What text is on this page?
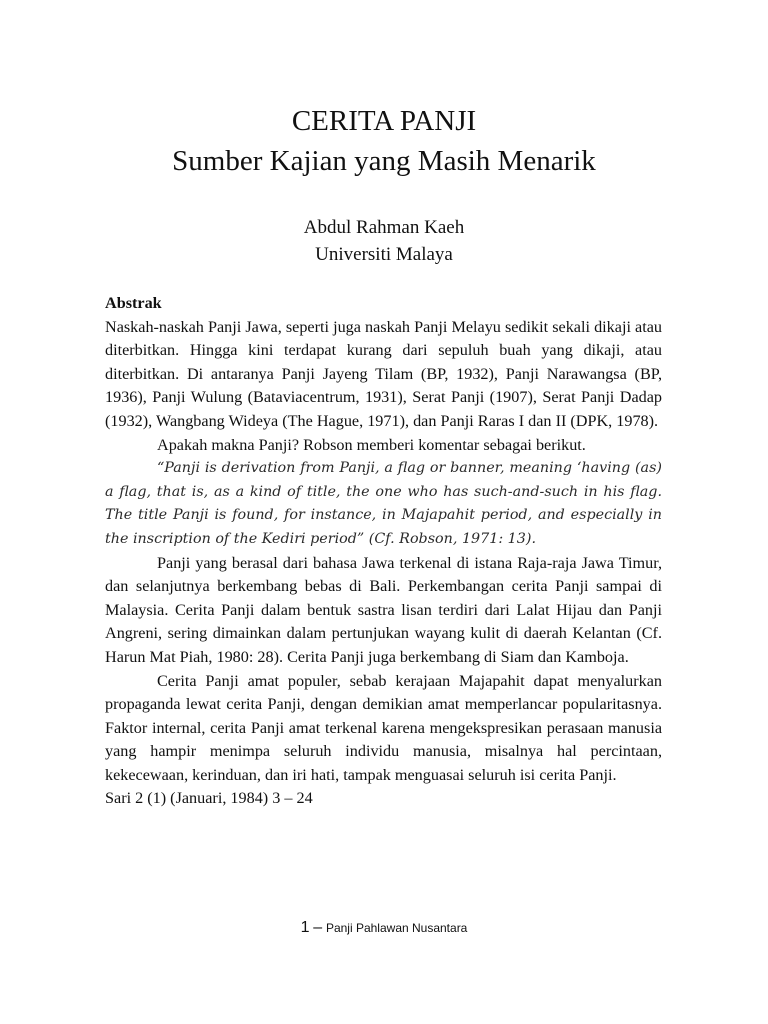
CERITA PANJI
Sumber Kajian yang Masih Menarik
Abdul Rahman Kaeh
Universiti Malaya

Abstrak

Naskah-naskah Panji Jawa, seperti juga naskah Panji Melayu sedikit sekali dikaji atau diterbitkan. Hingga kini terdapat kurang dari sepuluh buah yang dikaji, atau diterbitkan. Di antaranya Panji Jayeng Tilam (BP, 1932), Panji Narawangsa (BP, 1936), Panji Wulung (Bataviacentrum, 1931), Serat Panji (1907), Serat Panji Dadap (1932), Wangbang Wideya (The Hague, 1971), dan Panji Raras I dan II (DPK, 1978).

Apakah makna Panji? Robson memberi komentar sebagai berikut.

“Panji is derivation from Panji, a flag or banner, meaning ‘having (as) a flag, that is, as a kind of title, the one who has such-and-such in his flag. The title Panji is found, for instance, in Majapahit period, and especially in the inscription of the Kediri period” (Cf. Robson, 1971: 13).

Panji yang berasal dari bahasa Jawa terkenal di istana Raja-raja Jawa Timur, dan selanjutnya berkembang bebas di Bali. Perkembangan cerita Panji sampai di Malaysia. Cerita Panji dalam bentuk sastra lisan terdiri dari Lalat Hijau dan Panji Angreni, sering dimainkan dalam pertunjukan wayang kulit di daerah Kelantan (Cf. Harun Mat Piah, 1980: 28). Cerita Panji juga berkembang di Siam dan Kamboja.

Cerita Panji amat populer, sebab kerajaan Majapahit dapat menyalurkan propaganda lewat cerita Panji, dengan demikian amat memperlancar popularitasnya. Faktor internal, cerita Panji amat terkenal karena mengekspresikan perasaan manusia yang hampir menimpa seluruh individu manusia, misalnya hal percintaan, kekecewaan, kerinduan, dan iri hati, tampak menguasai seluruh isi cerita Panji.

Sari 2 (1) (Januari, 1984) 3 – 24

1 – Panji Pahlawan Nusantara
